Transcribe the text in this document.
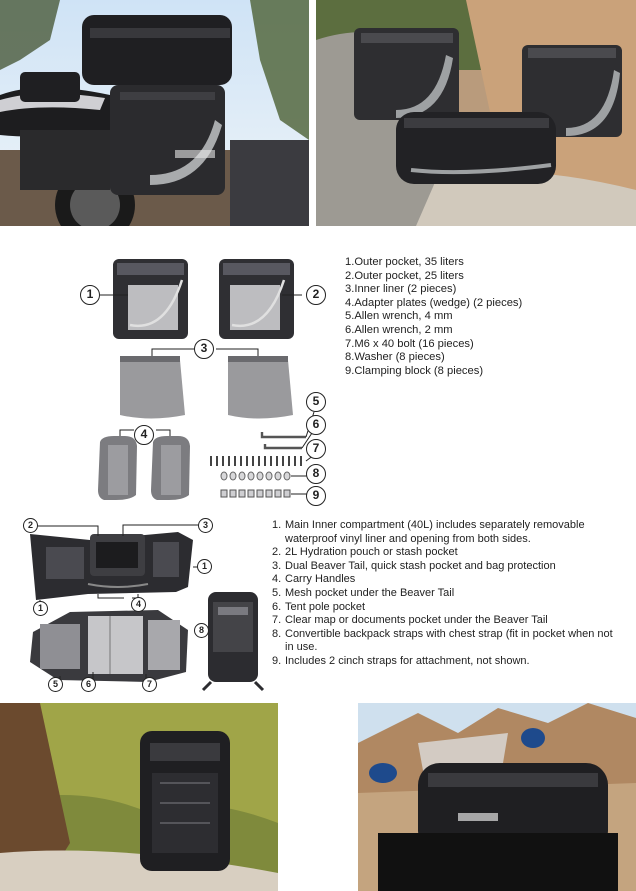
1	2
3
4
5
6
7
8
9
1.Outer pocket, 35 liters
2.Outer pocket, 25 liters
3.Inner liner (2 pieces)
4.Adapter plates (wedge) (2 pieces)
5.Allen wrench, 4 mm
6.Allen wrench, 2 mm
7.M6 x 40 bolt (16 pieces)
8.Washer (8 pieces)
9.Clamping block (8 pieces)
1
2	3
1
4
5	6	7
8
1. Main Inner compartment (40L) includes separately removable waterproof vinyl liner and opening from both sides.
2. 2L Hydration pouch or stash pocket
3. Dual Beaver Tail, quick stash pocket and bag protection
4. Carry Handles
5. Mesh pocket under the Beaver Tail
6. Tent pole pocket
7. Clear map or documents pocket under the Beaver Tail
8. Convertible backpack straps with chest strap (fit in pocket when not in use.
9. Includes 2 cinch straps for attachment, not shown.
